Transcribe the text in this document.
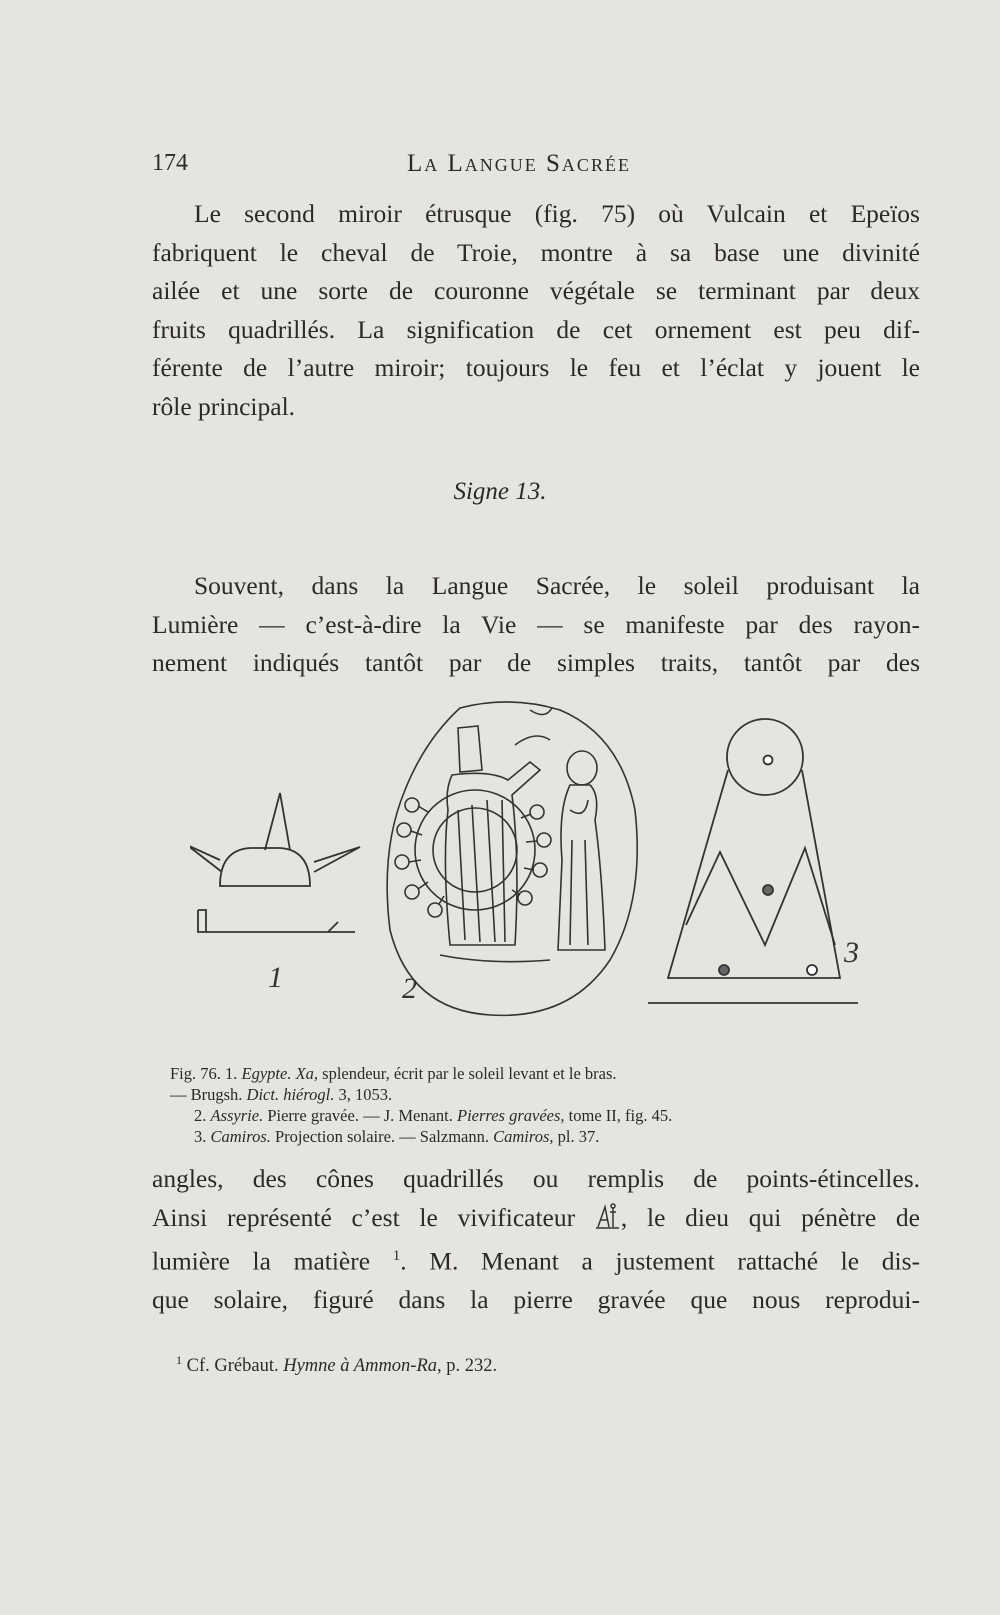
174	La Langue Sacrée

Le second miroir étrusque (fig. 75) où Vulcain et Epeïos
fabriquent le cheval de Troie, montre à sa base une divinité
ailée et une sorte de couronne végétale se terminant par deux
fruits quadrillés. La signification de cet ornement est peu dif-
férente de l’autre miroir; toujours le feu et l’éclat y jouent le
rôle principal.

Signe 13.

Souvent, dans la Langue Sacrée, le soleil produisant la
Lumière — c’est-à-dire la Vie — se manifeste par des rayon-
nement indiqués tantôt par de simples traits, tantôt par des

1	2
3
Fig. 76. 1. Egypte. Xa, splendeur, écrit par le soleil levant et le bras.
— Brugsh. Dict. hiérogl. 3, 1053.
2. Assyrie. Pierre gravée. — J. Menant. Pierres gravées, tome II, fig. 45.
3. Camiros. Projection solaire. — Salzmann. Camiros, pl. 37.

angles, des cônes quadrillés ou remplis de points-étincelles.
Ainsi représenté c’est le vivificateur , le dieu qui pénètre de
lumière la matière $^1$. M. Menant a justement rattaché le dis-
que solaire, figuré dans la pierre gravée que nous reprodui-

$^1$ Cf. Grébaut. Hymne à Ammon-Ra, p. 232.
